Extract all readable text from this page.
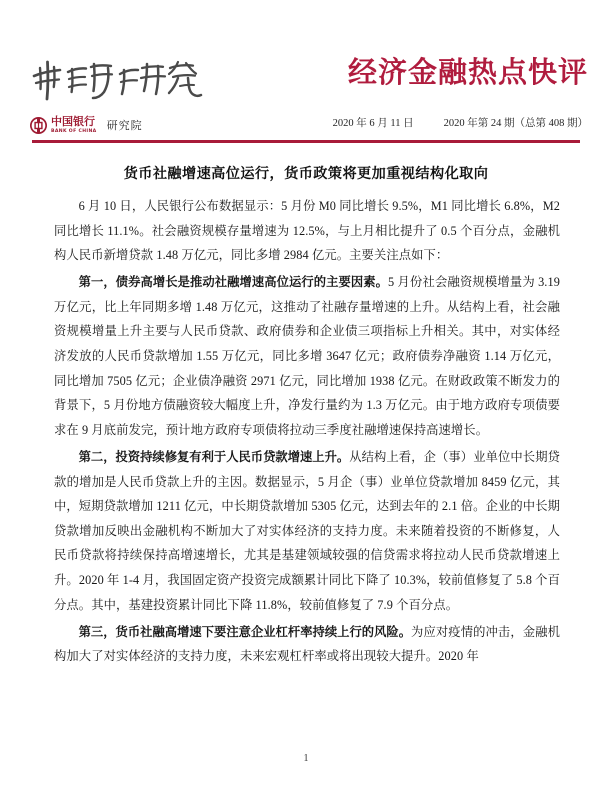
经济金融热点快评
中国银行
BANK OF CHINA 研究院	2020 年 6 月 11 日	2020 年第 24 期（总第 408 期）
货币社融增速高位运行，货币政策将更加重视结构化取向

6 月 10 日，人民银行公布数据显示：5 月份 M0 同比增长 9.5%，M1 同比增长 6.8%，M2 同比增长 11.1%。社会融资规模存量增速为 12.5%，与上月相比提升了 0.5 个百分点，金融机构人民币新增贷款 1.48 万亿元，同比多增 2984 亿元。主要关注点如下：

第一，债券高增长是推动社融增速高位运行的主要因素。5 月份社会融资规模增量为 3.19 万亿元，比上年同期多增 1.48 万亿元，这推动了社融存量增速的上升。从结构上看，社会融资规模增量上升主要与人民币贷款、政府债券和企业债三项指标上升相关。其中，对实体经济发放的人民币贷款增加 1.55 万亿元，同比多增 3647 亿元；政府债券净融资 1.14 万亿元，同比增加 7505 亿元；企业债净融资 2971 亿元，同比增加 1938 亿元。在财政政策不断发力的背景下，5 月份地方债融资较大幅度上升，净发行量约为 1.3 万亿元。由于地方政府专项债要求在 9 月底前发完，预计地方政府专项债将拉动三季度社融增速保持高速增长。

第二，投资持续修复有利于人民币贷款增速上升。从结构上看，企（事）业单位中长期贷款的增加是人民币贷款上升的主因。数据显示，5 月企（事）业单位贷款增加 8459 亿元，其中，短期贷款增加 1211 亿元，中长期贷款增加 5305 亿元，达到去年的 2.1 倍。企业的中长期贷款增加反映出金融机构不断加大了对实体经济的支持力度。未来随着投资的不断修复，人民币贷款将持续保持高增速增长，尤其是基建领域较强的信贷需求将拉动人民币贷款增速上升。2020 年 1-4 月，我国固定资产投资完成额累计同比下降了 10.3%，较前值修复了 5.8 个百分点。其中，基建投资累计同比下降 11.8%，较前值修复了 7.9 个百分点。

第三，货币社融高增速下要注意企业杠杆率持续上行的风险。为应对疫情的冲击，金融机构加大了对实体经济的支持力度，未来宏观杠杆率或将出现较大提升。2020 年

1
